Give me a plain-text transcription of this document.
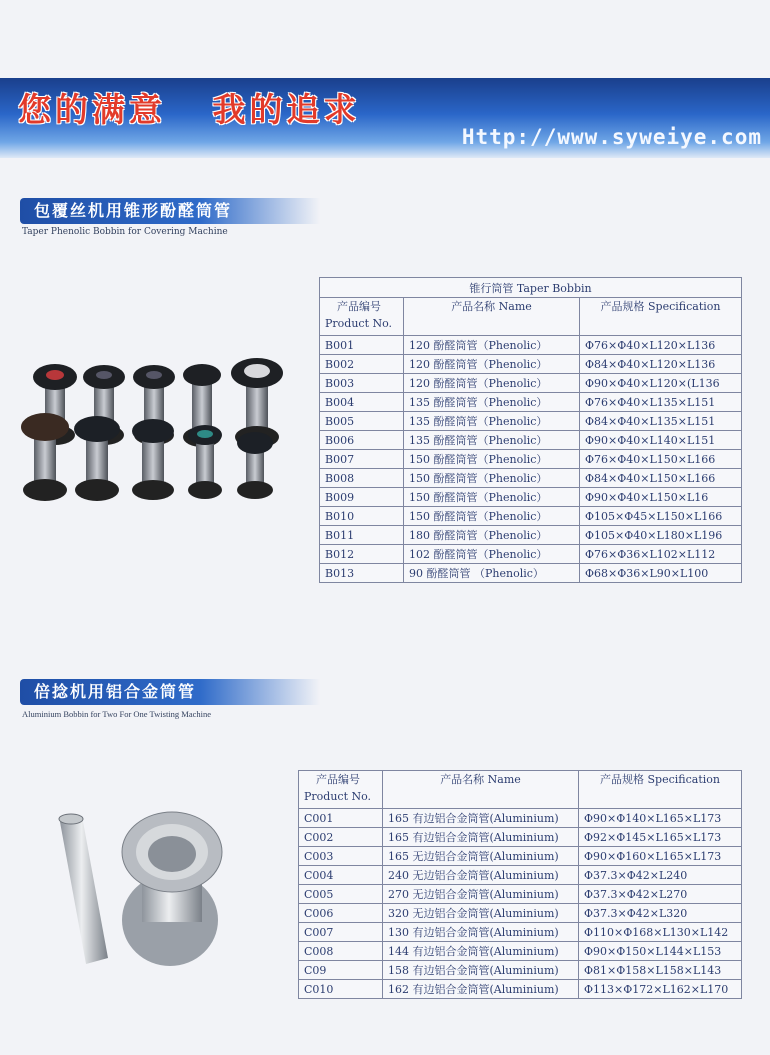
您的满意   我的追求
Http://www.syweiye.com
包覆丝机用锥形酚醛筒管
Taper Phenolic Bobbin for Covering Machine
锥行筒管 Taper Bobbin		

产品编号
Product No.	产品名称 Name	产品规格 Specification
B001	120 酚醛筒管（Phenolic）	Φ76×Φ40×L120×L136
B002	120 酚醛筒管（Phenolic）	Φ84×Φ40×L120×L136
B003	120 酚醛筒管（Phenolic）	Φ90×Φ40×L120×(L136
B004	135 酚醛筒管（Phenolic）	Φ76×Φ40×L135×L151
B005	135 酚醛筒管（Phenolic）	Φ84×Φ40×L135×L151
B006	135 酚醛筒管（Phenolic）	Φ90×Φ40×L140×L151
B007	150 酚醛筒管（Phenolic）	Φ76×Φ40×L150×L166
B008	150 酚醛筒管（Phenolic）	Φ84×Φ40×L150×L166
B009	150 酚醛筒管（Phenolic）	Φ90×Φ40×L150×L16
B010	150 酚醛筒管（Phenolic）	Φ105×Φ45×L150×L166
B011	180 酚醛筒管（Phenolic）	Φ105×Φ40×L180×L196
B012	102 酚醛筒管（Phenolic）	Φ76×Φ36×L102×L112
B013	90 酚醛筒管 （Phenolic）	Φ68×Φ36×L90×L100
倍捻机用铝合金筒管
Aluminium Bobbin for Two For One Twisting Machine
产品编号
Product No.	产品名称 Name	产品规格 Specification
C001	165 有边铝合金筒管(Aluminium)	Φ90×Φ140×L165×L173
C002	165 有边铝合金筒管(Aluminium)	Φ92×Φ145×L165×L173
C003	165 无边铝合金筒管(Aluminium)	Φ90×Φ160×L165×L173
C004	240 无边铝合金筒管(Aluminium)	Φ37.3×Φ42×L240
C005	270 无边铝合金筒管(Aluminium)	Φ37.3×Φ42×L270
C006	320 无边铝合金筒管(Aluminium)	Φ37.3×Φ42×L320
C007	130 有边铝合金筒管(Aluminium)	Φ110×Φ168×L130×L142
C008	144 有边铝合金筒管(Aluminium)	Φ90×Φ150×L144×L153
C09	158 有边铝合金筒管(Aluminium)	Φ81×Φ158×L158×L143
C010	162 有边铝合金筒管(Aluminium)	Φ113×Φ172×L162×L170
